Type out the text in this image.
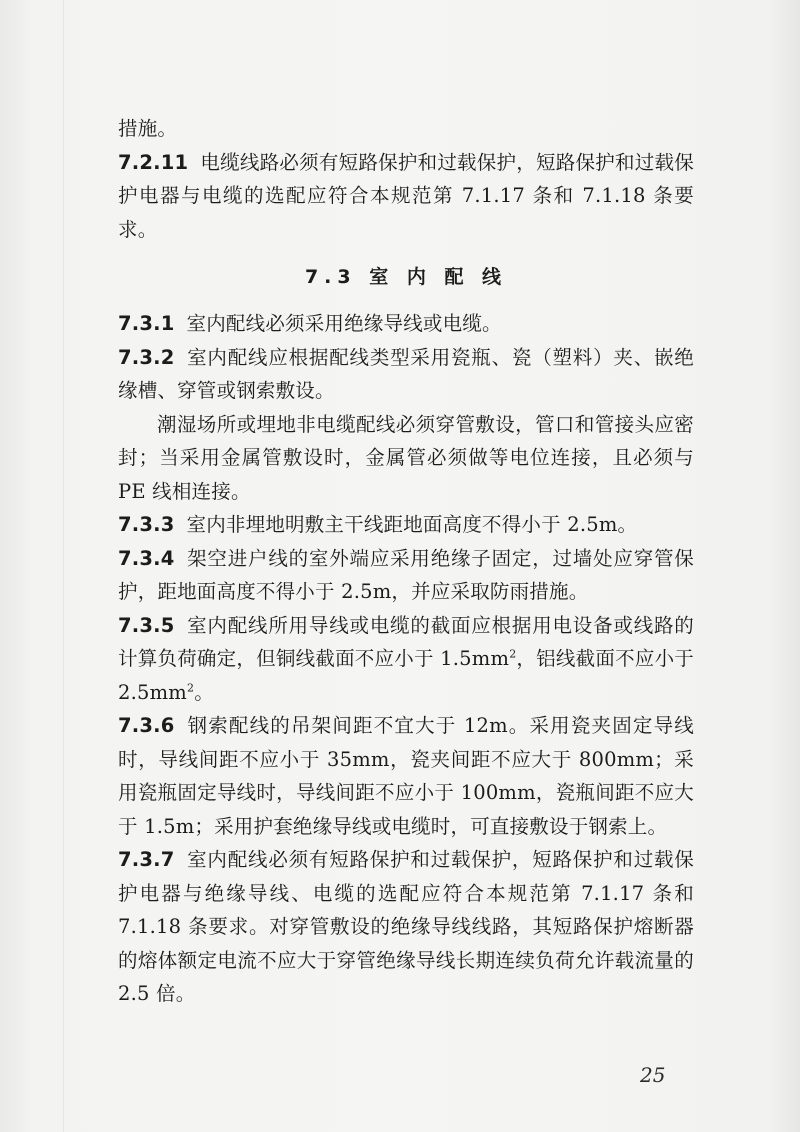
措施。

7.2.11 电缆线路必须有短路保护和过载保护，短路保护和过载保护电器与电缆的选配应符合本规范第 7.1.17 条和 7.1.18 条要求。

7.3 室 内 配 线

7.3.1 室内配线必须采用绝缘导线或电缆。

7.3.2 室内配线应根据配线类型采用瓷瓶、瓷（塑料）夹、嵌绝缘槽、穿管或钢索敷设。

潮湿场所或埋地非电缆配线必须穿管敷设，管口和管接头应密封；当采用金属管敷设时，金属管必须做等电位连接，且必须与 PE 线相连接。

7.3.3 室内非埋地明敷主干线距地面高度不得小于 2.5m。

7.3.4 架空进户线的室外端应采用绝缘子固定，过墙处应穿管保护，距地面高度不得小于 2.5m，并应采取防雨措施。

7.3.5 室内配线所用导线或电缆的截面应根据用电设备或线路的计算负荷确定，但铜线截面不应小于 $1.5mm^2$，铝线截面不应小于 $2.5mm^2$。

7.3.6 钢索配线的吊架间距不宜大于 12m。采用瓷夹固定导线时，导线间距不应小于 35mm，瓷夹间距不应大于 800mm；采用瓷瓶固定导线时，导线间距不应小于 100mm，瓷瓶间距不应大于 1.5m；采用护套绝缘导线或电缆时，可直接敷设于钢索上。

7.3.7 室内配线必须有短路保护和过载保护，短路保护和过载保护电器与绝缘导线、电缆的选配应符合本规范第 7.1.17 条和 7.1.18 条要求。对穿管敷设的绝缘导线线路，其短路保护熔断器的熔体额定电流不应大于穿管绝缘导线长期连续负荷允许载流量的 2.5 倍。

25
